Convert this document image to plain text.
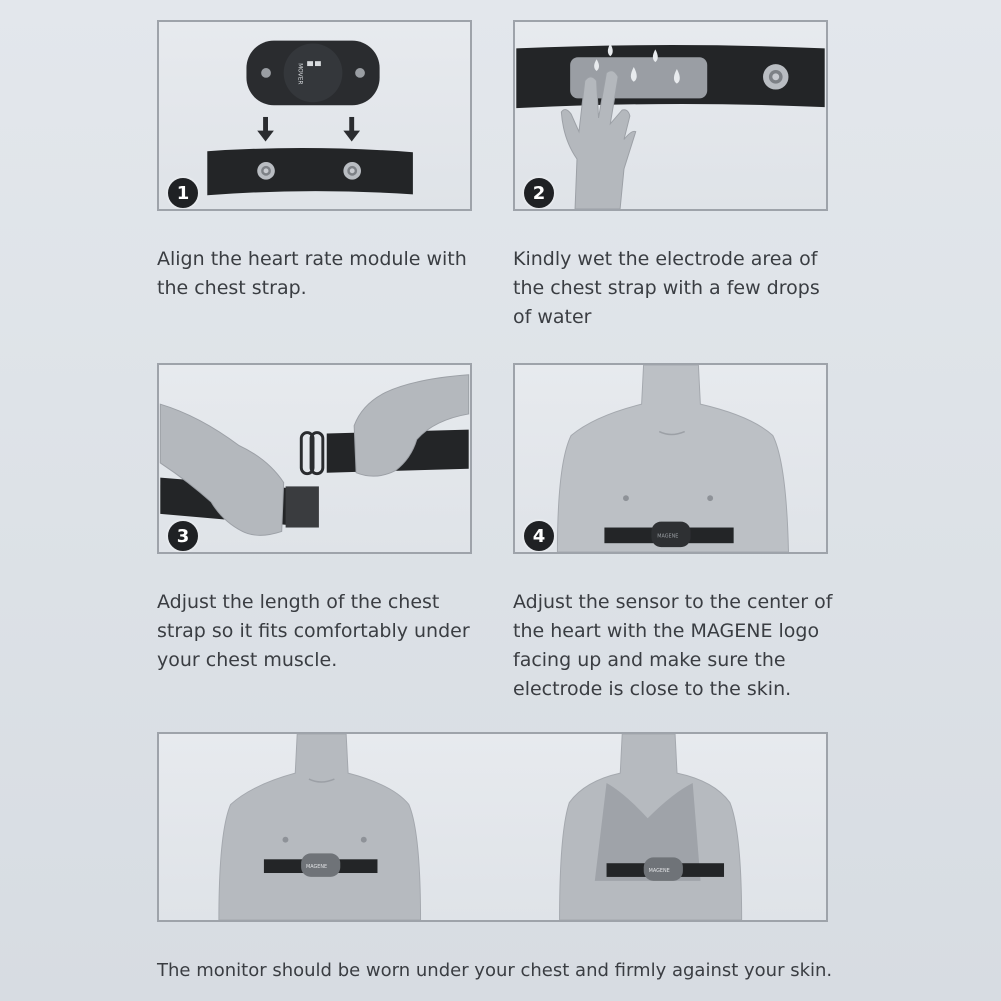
MOVER
1
Align the heart rate module with
the chest strap.
2
Kindly wet the electrode area of
the chest strap with a few drops
of water
3
Adjust the length of the chest
strap so it fits comfortably under
your chest muscle.
MAGENE
4
Adjust the sensor to the center of
the heart with the MAGENE logo
facing up and make sure the
electrode is close to the skin.
MAGENE
MAGENE
The monitor should be worn under your chest and firmly against your skin.
